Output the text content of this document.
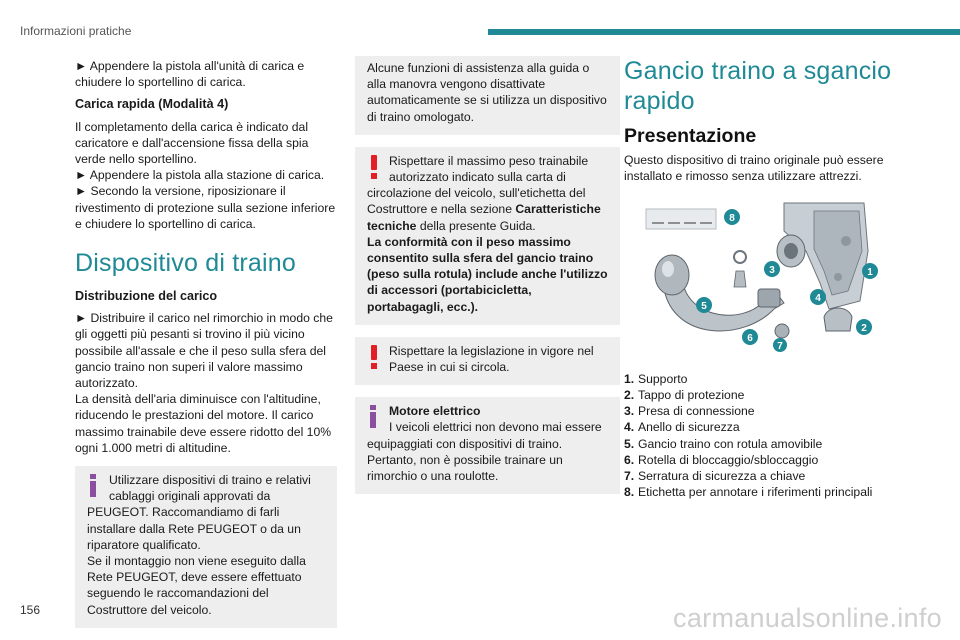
Informazioni pratiche

► Appendere la pistola all'unità di carica e chiudere lo sportellino di carica.

Carica rapida (Modalità 4)

Il completamento della carica è indicato dal caricatore e dall'accensione fissa della spia verde nello sportellino.

► Appendere la pistola alla stazione di carica.

► Secondo la versione, riposizionare il rivestimento di protezione sulla sezione inferiore e chiudere lo sportellino di carica.

Dispositivo di traino
Distribuzione del carico

► Distribuire il carico nel rimorchio in modo che gli oggetti più pesanti si trovino il più vicino possibile all'assale e che il peso sulla sfera del gancio traino non superi il valore massimo autorizzato.

La densità dell'aria diminuisce con l'altitudine, riducendo le prestazioni del motore. Il carico massimo trainabile deve essere ridotto del 10% ogni 1.000 metri di altitudine.

Utilizzare dispositivi di traino e relativi cablaggi originali approvati da PEUGEOT. Raccomandiamo di farli installare dalla Rete PEUGEOT o da un riparatore qualificato.

Se il montaggio non viene eseguito dalla Rete PEUGEOT, deve essere effettuato seguendo le raccomandazioni del Costruttore del veicolo.

Alcune funzioni di assistenza alla guida o alla manovra vengono disattivate automaticamente se si utilizza un dispositivo di traino omologato.

Rispettare il massimo peso trainabile autorizzato indicato sulla carta di circolazione del veicolo, sull'etichetta del Costruttore e nella sezione Caratteristiche tecniche della presente Guida.

La conformità con il peso massimo consentito sulla sfera del gancio traino (peso sulla rotula) include anche l'utilizzo di accessori (portabicicletta, portabagagli, ecc.).

Rispettare la legislazione in vigore nel Paese in cui si circola.

Motore elettrico

I veicoli elettrici non devono mai essere equipaggiati con dispositivi di traino. Pertanto, non è possibile trainare un rimorchio o una roulotte.

Gancio traino a sgancio rapido
Presentazione

Questo dispositivo di traino originale può essere installato e rimosso senza utilizzare attrezzi.

1
2
3
4
5
6
7
8
1. Supporto
2. Tappo di protezione
3. Presa di connessione
4. Anello di sicurezza
5. Gancio traino con rotula amovibile
6. Rotella di bloccaggio/sbloccaggio
7. Serratura di sicurezza a chiave
8. Etichetta per annotare i riferimenti principali
156	carmanualsonline.info
